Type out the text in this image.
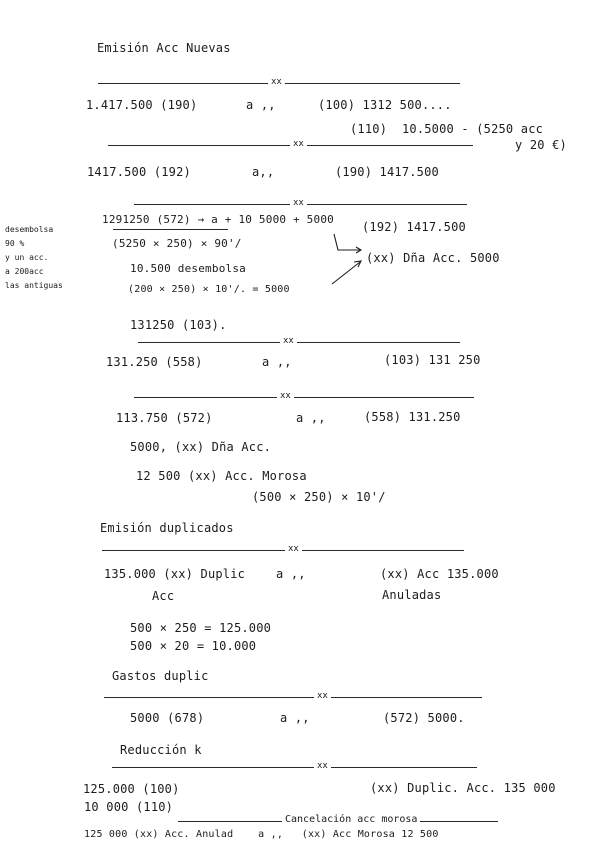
Emisión Acc Nuevas
xx
1.417.500 (190)	a ,,	(100) 1312 500....
(110)  10.5000 - (5250 acc
y 20 €)
xx
1417.500 (192)	a,,	(190) 1417.500
xx
desembolsa
90 %
y un acc.
a 200acc
las antiguas
1291250 (572) → a + 10 5000 + 5000
(192) 1417.500
(5250 × 250) × 90'/
(xx) Dña Acc. 5000
10.500 desembolsa
(200 × 250) × 10'/. = 5000
131250 (103).
xx
131.250 (558)	a ,,	(103) 131 250
xx
113.750 (572)	a ,,	(558) 131.250
5000, (xx) Dña Acc.
12 500 (xx) Acc. Morosa
(500 × 250) × 10'/
Emisión duplicados
xx
135.000 (xx) Duplic	a ,,	(xx) Acc 135.000
Acc	Anuladas
500 × 250 = 125.000
500 × 20 = 10.000
Gastos duplic
xx
5000 (678)	a ,,	(572) 5000.
Reducción k
xx
125.000 (100)	(xx) Duplic. Acc. 135 000
10 000 (110)
Cancelación acc morosa
125 000 (xx) Acc. Anulad    a ,,   (xx) Acc Morosa 12 500
